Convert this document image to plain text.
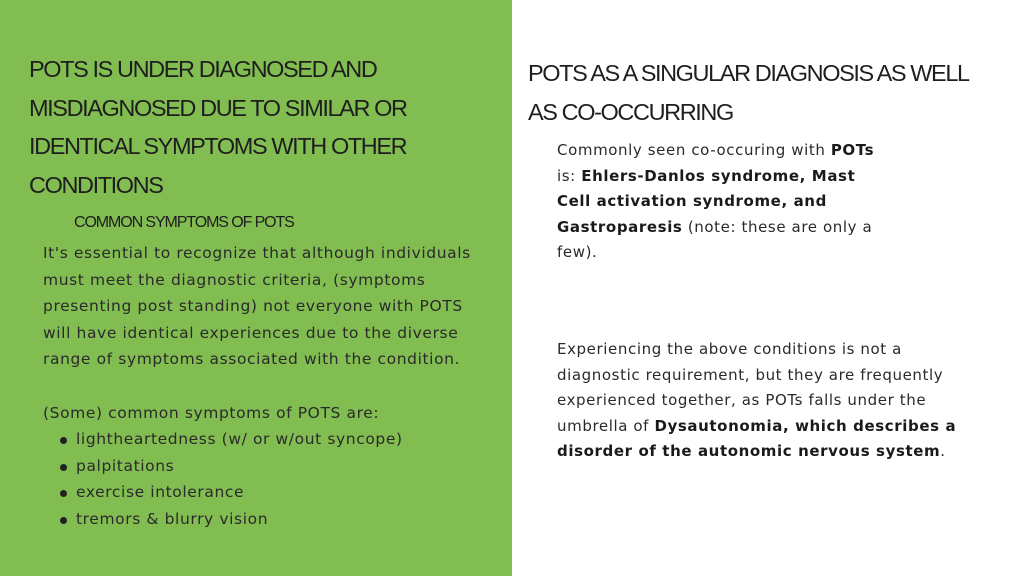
POTS IS UNDER DIAGNOSED AND MISDIAGNOSED DUE TO SIMILAR OR IDENTICAL SYMPTOMS WITH OTHER CONDITIONS
COMMON SYMPTOMS OF POTS

It's essential to recognize that although individuals must meet the diagnostic criteria, (symptoms presenting post standing) not everyone with POTS will have identical experiences due to the diverse range of symptoms associated with the condition.

(Some) common symptoms of POTS are:

lightheartedness (w/ or w/out syncope)
palpitations
exercise intolerance
tremors & blurry vision
POTS AS A SINGULAR DIAGNOSIS AS WELL AS CO-OCCURRING

Commonly seen co-occuring with POTs is: Ehlers-Danlos syndrome, Mast Cell activation syndrome, and Gastroparesis (note: these are only a few).

Experiencing the above conditions is not a diagnostic requirement, but they are frequently experienced together, as POTs falls under the umbrella of Dysautonomia, which describes a disorder of the autonomic nervous system.
